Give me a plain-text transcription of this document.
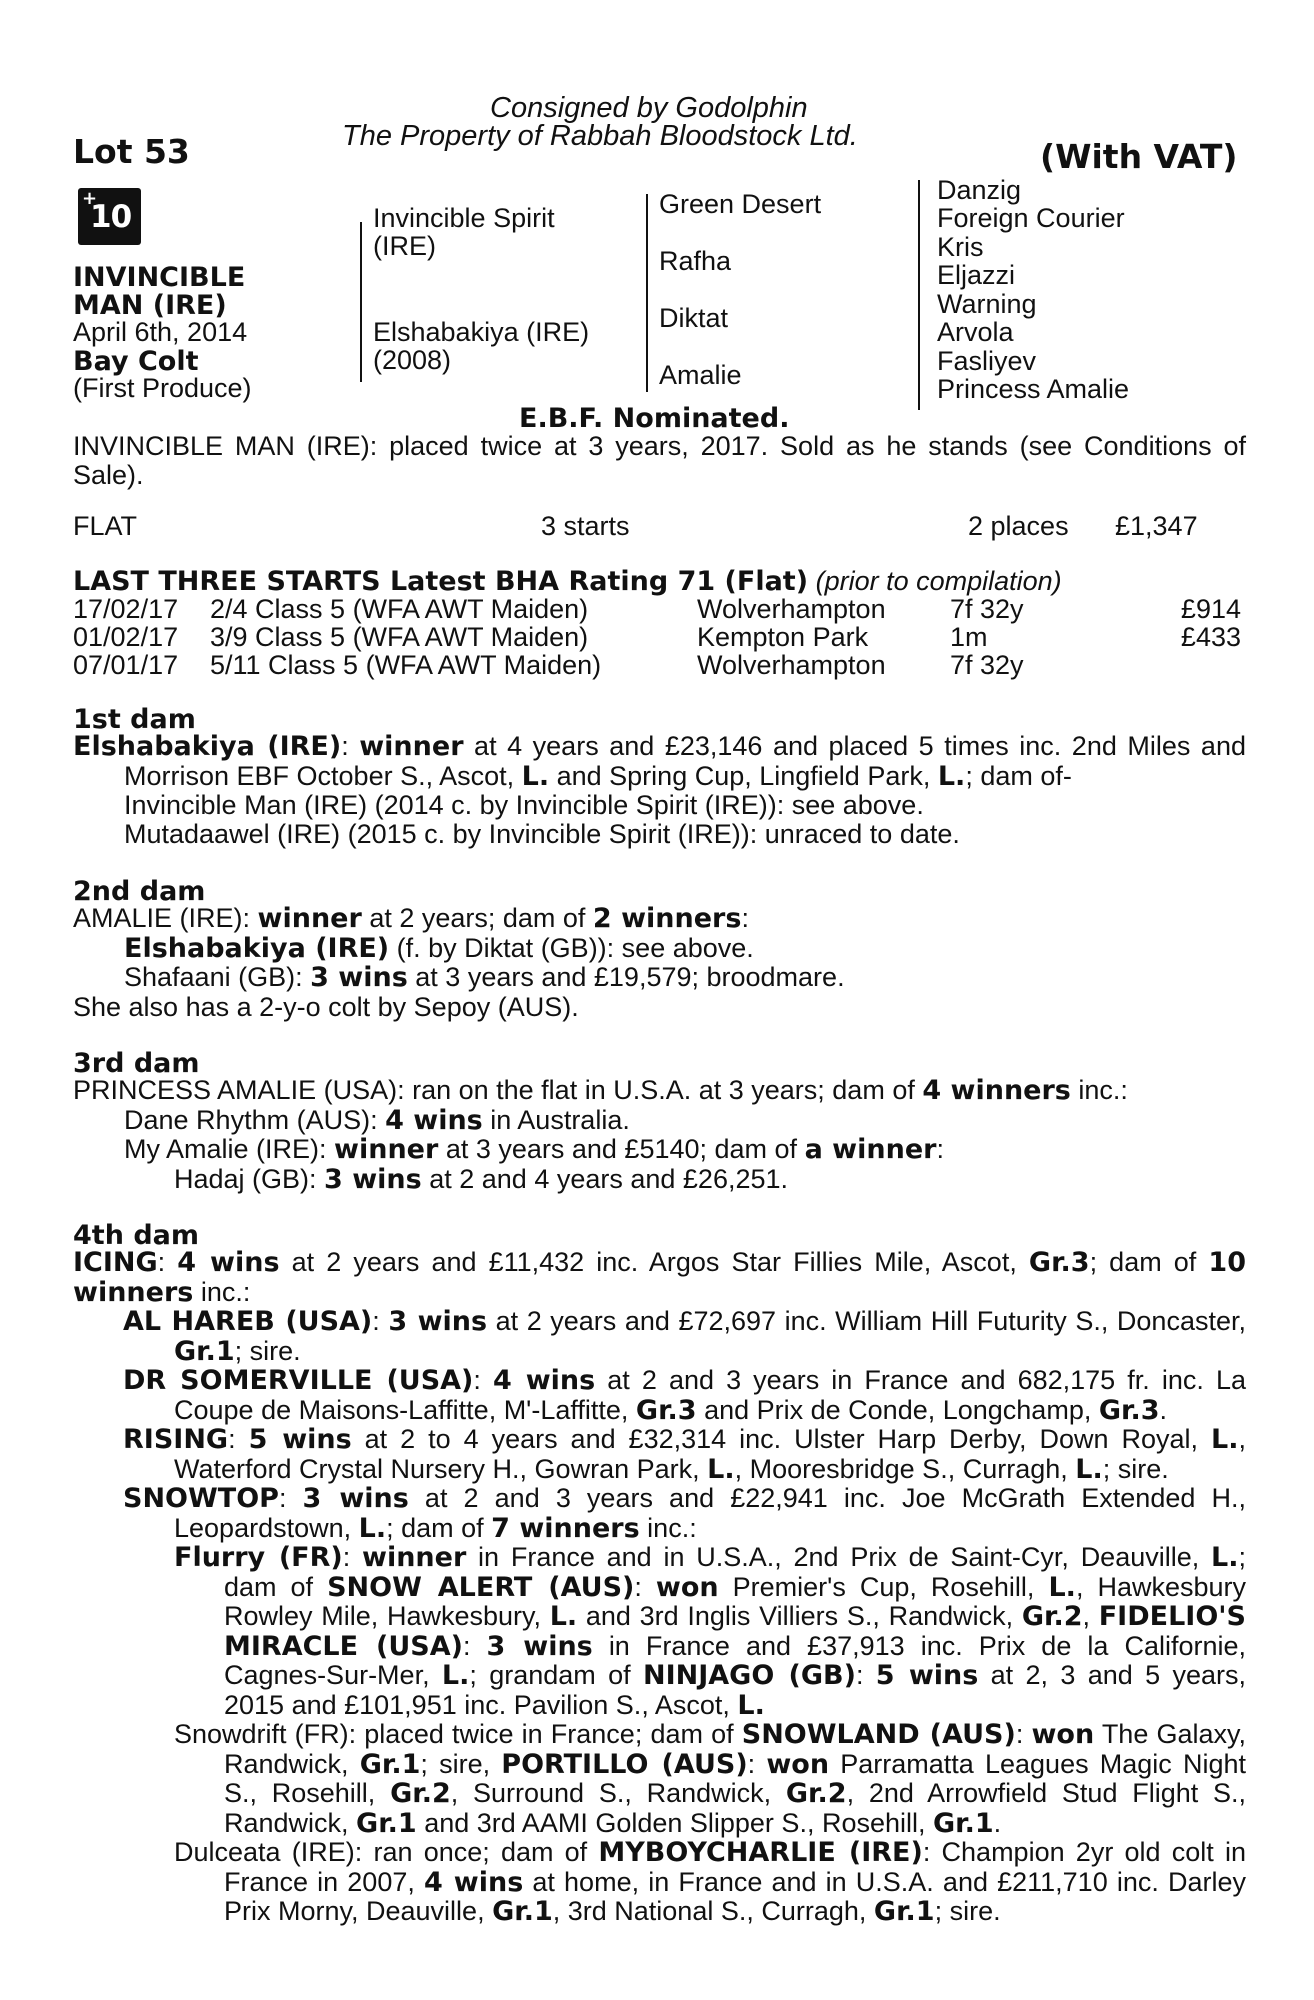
Consigned by Godolphin
The Property of Rabbah Bloodstock Ltd.
Lot 53	(With VAT)
+
10
INVINCIBLE
MAN (IRE)
April 6th, 2014
Bay Colt
(First Produce)
Invincible Spirit
(IRE)
Elshabakiya (IRE)
(2008)
Green Desert
Rafha
Diktat
Amalie
Danzig
Foreign Courier
Kris
Eljazzi
Warning
Arvola
Fasliyev
Princess Amalie
E.B.F. Nominated.
INVINCIBLE MAN (IRE): placed twice at 3 years, 2017. Sold as he stands (see Conditions of Sale).
FLAT	3 starts	2 places £1,347
LAST THREE STARTS Latest BHA Rating 71 (Flat) (prior to compilation)
17/02/17 2/4 Class 5 (WFA AWT Maiden)	Wolverhampton 7f 32y	£914
01/02/17 3/9 Class 5 (WFA AWT Maiden)	Kempton Park	1m	£433
07/01/17 5/11 Class 5 (WFA AWT Maiden)	Wolverhampton 7f 32y
1st dam

Elshabakiya (IRE): winner at 4 years and £23,146 and placed 5 times inc. 2nd Miles and Morrison EBF October S., Ascot, L. and Spring Cup, Lingfield Park, L.; dam of-

Invincible Man (IRE) (2014 c. by Invincible Spirit (IRE)): see above.

Mutadaawel (IRE) (2015 c. by Invincible Spirit (IRE)): unraced to date.

2nd dam

AMALIE (IRE): winner at 2 years; dam of 2 winners:

Elshabakiya (IRE) (f. by Diktat (GB)): see above.

Shafaani (GB): 3 wins at 3 years and £19,579; broodmare.

She also has a 2-y-o colt by Sepoy (AUS).

3rd dam

PRINCESS AMALIE (USA): ran on the flat in U.S.A. at 3 years; dam of 4 winners inc.:

Dane Rhythm (AUS): 4 wins in Australia.

My Amalie (IRE): winner at 3 years and £5140; dam of a winner:

Hadaj (GB): 3 wins at 2 and 4 years and £26,251.

4th dam

ICING: 4 wins at 2 years and £11,432 inc. Argos Star Fillies Mile, Ascot, Gr.3; dam of 10 winners inc.:

AL HAREB (USA): 3 wins at 2 years and £72,697 inc. William Hill Futurity S., Doncaster, Gr.1; sire.

DR SOMERVILLE (USA): 4 wins at 2 and 3 years in France and 682,175 fr. inc. La Coupe de Maisons-Laffitte, M'-Laffitte, Gr.3 and Prix de Conde, Longchamp, Gr.3.

RISING: 5 wins at 2 to 4 years and £32,314 inc. Ulster Harp Derby, Down Royal, L., Waterford Crystal Nursery H., Gowran Park, L., Mooresbridge S., Curragh, L.; sire.

SNOWTOP: 3 wins at 2 and 3 years and £22,941 inc. Joe McGrath Extended H., Leopardstown, L.; dam of 7 winners inc.:

Flurry (FR): winner in France and in U.S.A., 2nd Prix de Saint-Cyr, Deauville, L.; dam of SNOW ALERT (AUS): won Premier's Cup, Rosehill, L., Hawkesbury Rowley Mile, Hawkesbury, L. and 3rd Inglis Villiers S., Randwick, Gr.2, FIDELIO'S MIRACLE (USA): 3 wins in France and £37,913 inc. Prix de la Californie, Cagnes-Sur-Mer, L.; grandam of NINJAGO (GB): 5 wins at 2, 3 and 5 years, 2015 and £101,951 inc. Pavilion S., Ascot, L.

Snowdrift (FR): placed twice in France; dam of SNOWLAND (AUS): won The Galaxy, Randwick, Gr.1; sire, PORTILLO (AUS): won Parramatta Leagues Magic Night S., Rosehill, Gr.2, Surround S., Randwick, Gr.2, 2nd Arrowfield Stud Flight S., Randwick, Gr.1 and 3rd AAMI Golden Slipper S., Rosehill, Gr.1.

Dulceata (IRE): ran once; dam of MYBOYCHARLIE (IRE): Champion 2yr old colt in France in 2007, 4 wins at home, in France and in U.S.A. and £211,710 inc. Darley Prix Morny, Deauville, Gr.1, 3rd National S., Curragh, Gr.1; sire.
